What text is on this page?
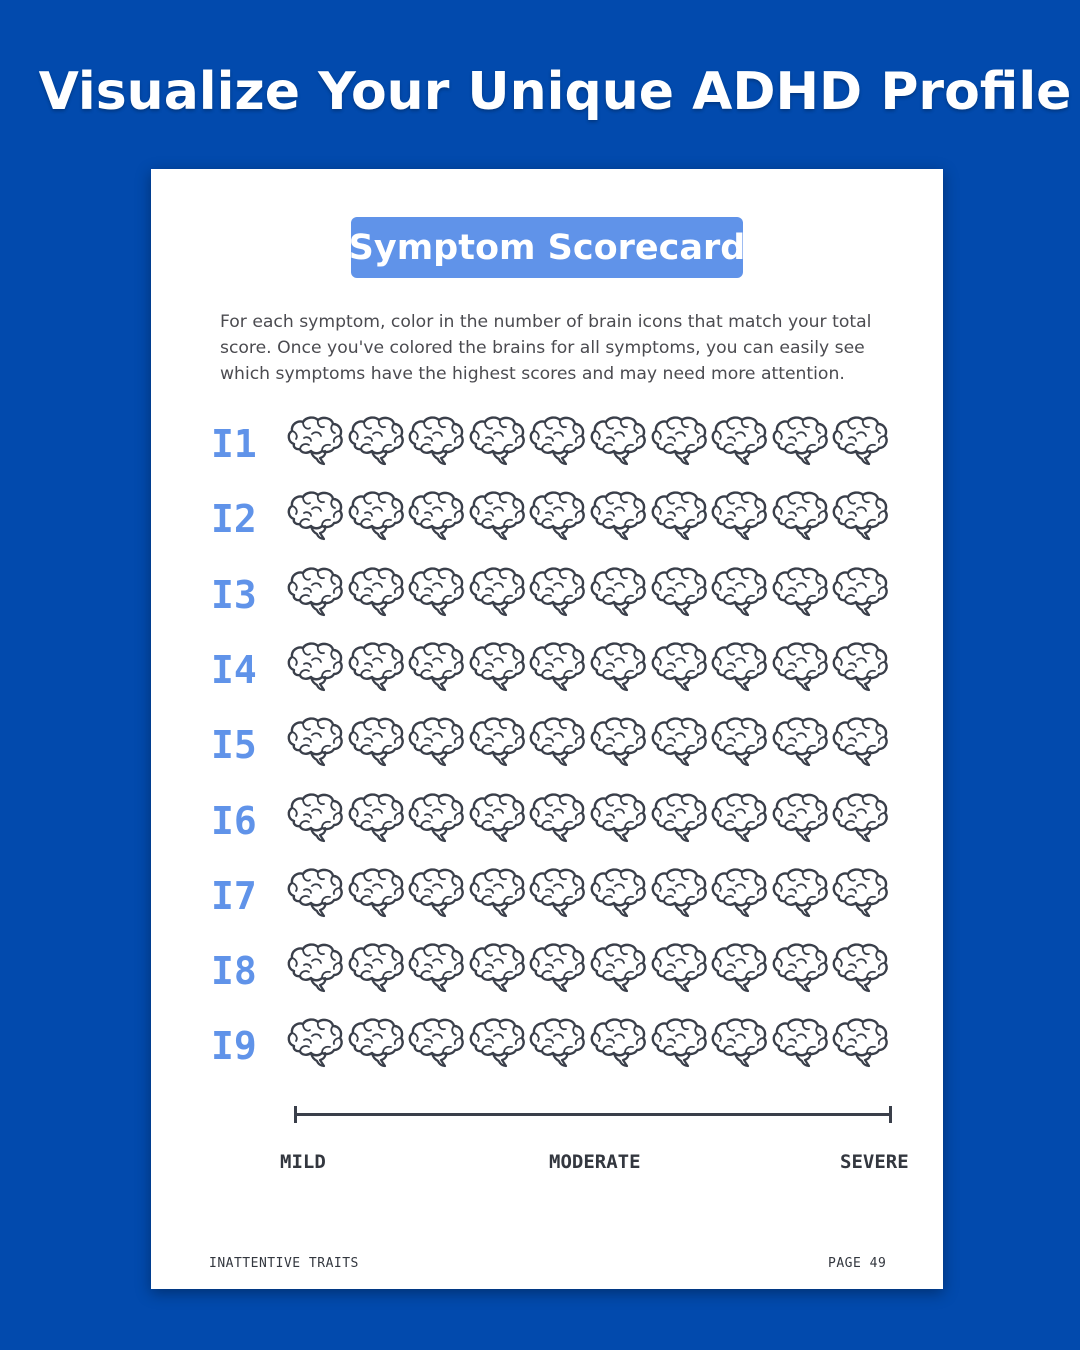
Visualize Your Unique ADHD Profile
Symptom Scorecard
For each symptom, color in the number of brain icons that match your total score. Once you've colored the brains for all symptoms, you can easily see which symptoms have the highest scores and may need more attention.
I1
I2
I3
I4
I5
I6
I7
I8
I9
MILD	MODERATE	SEVERE
INATTENTIVE TRAITS	PAGE 49
